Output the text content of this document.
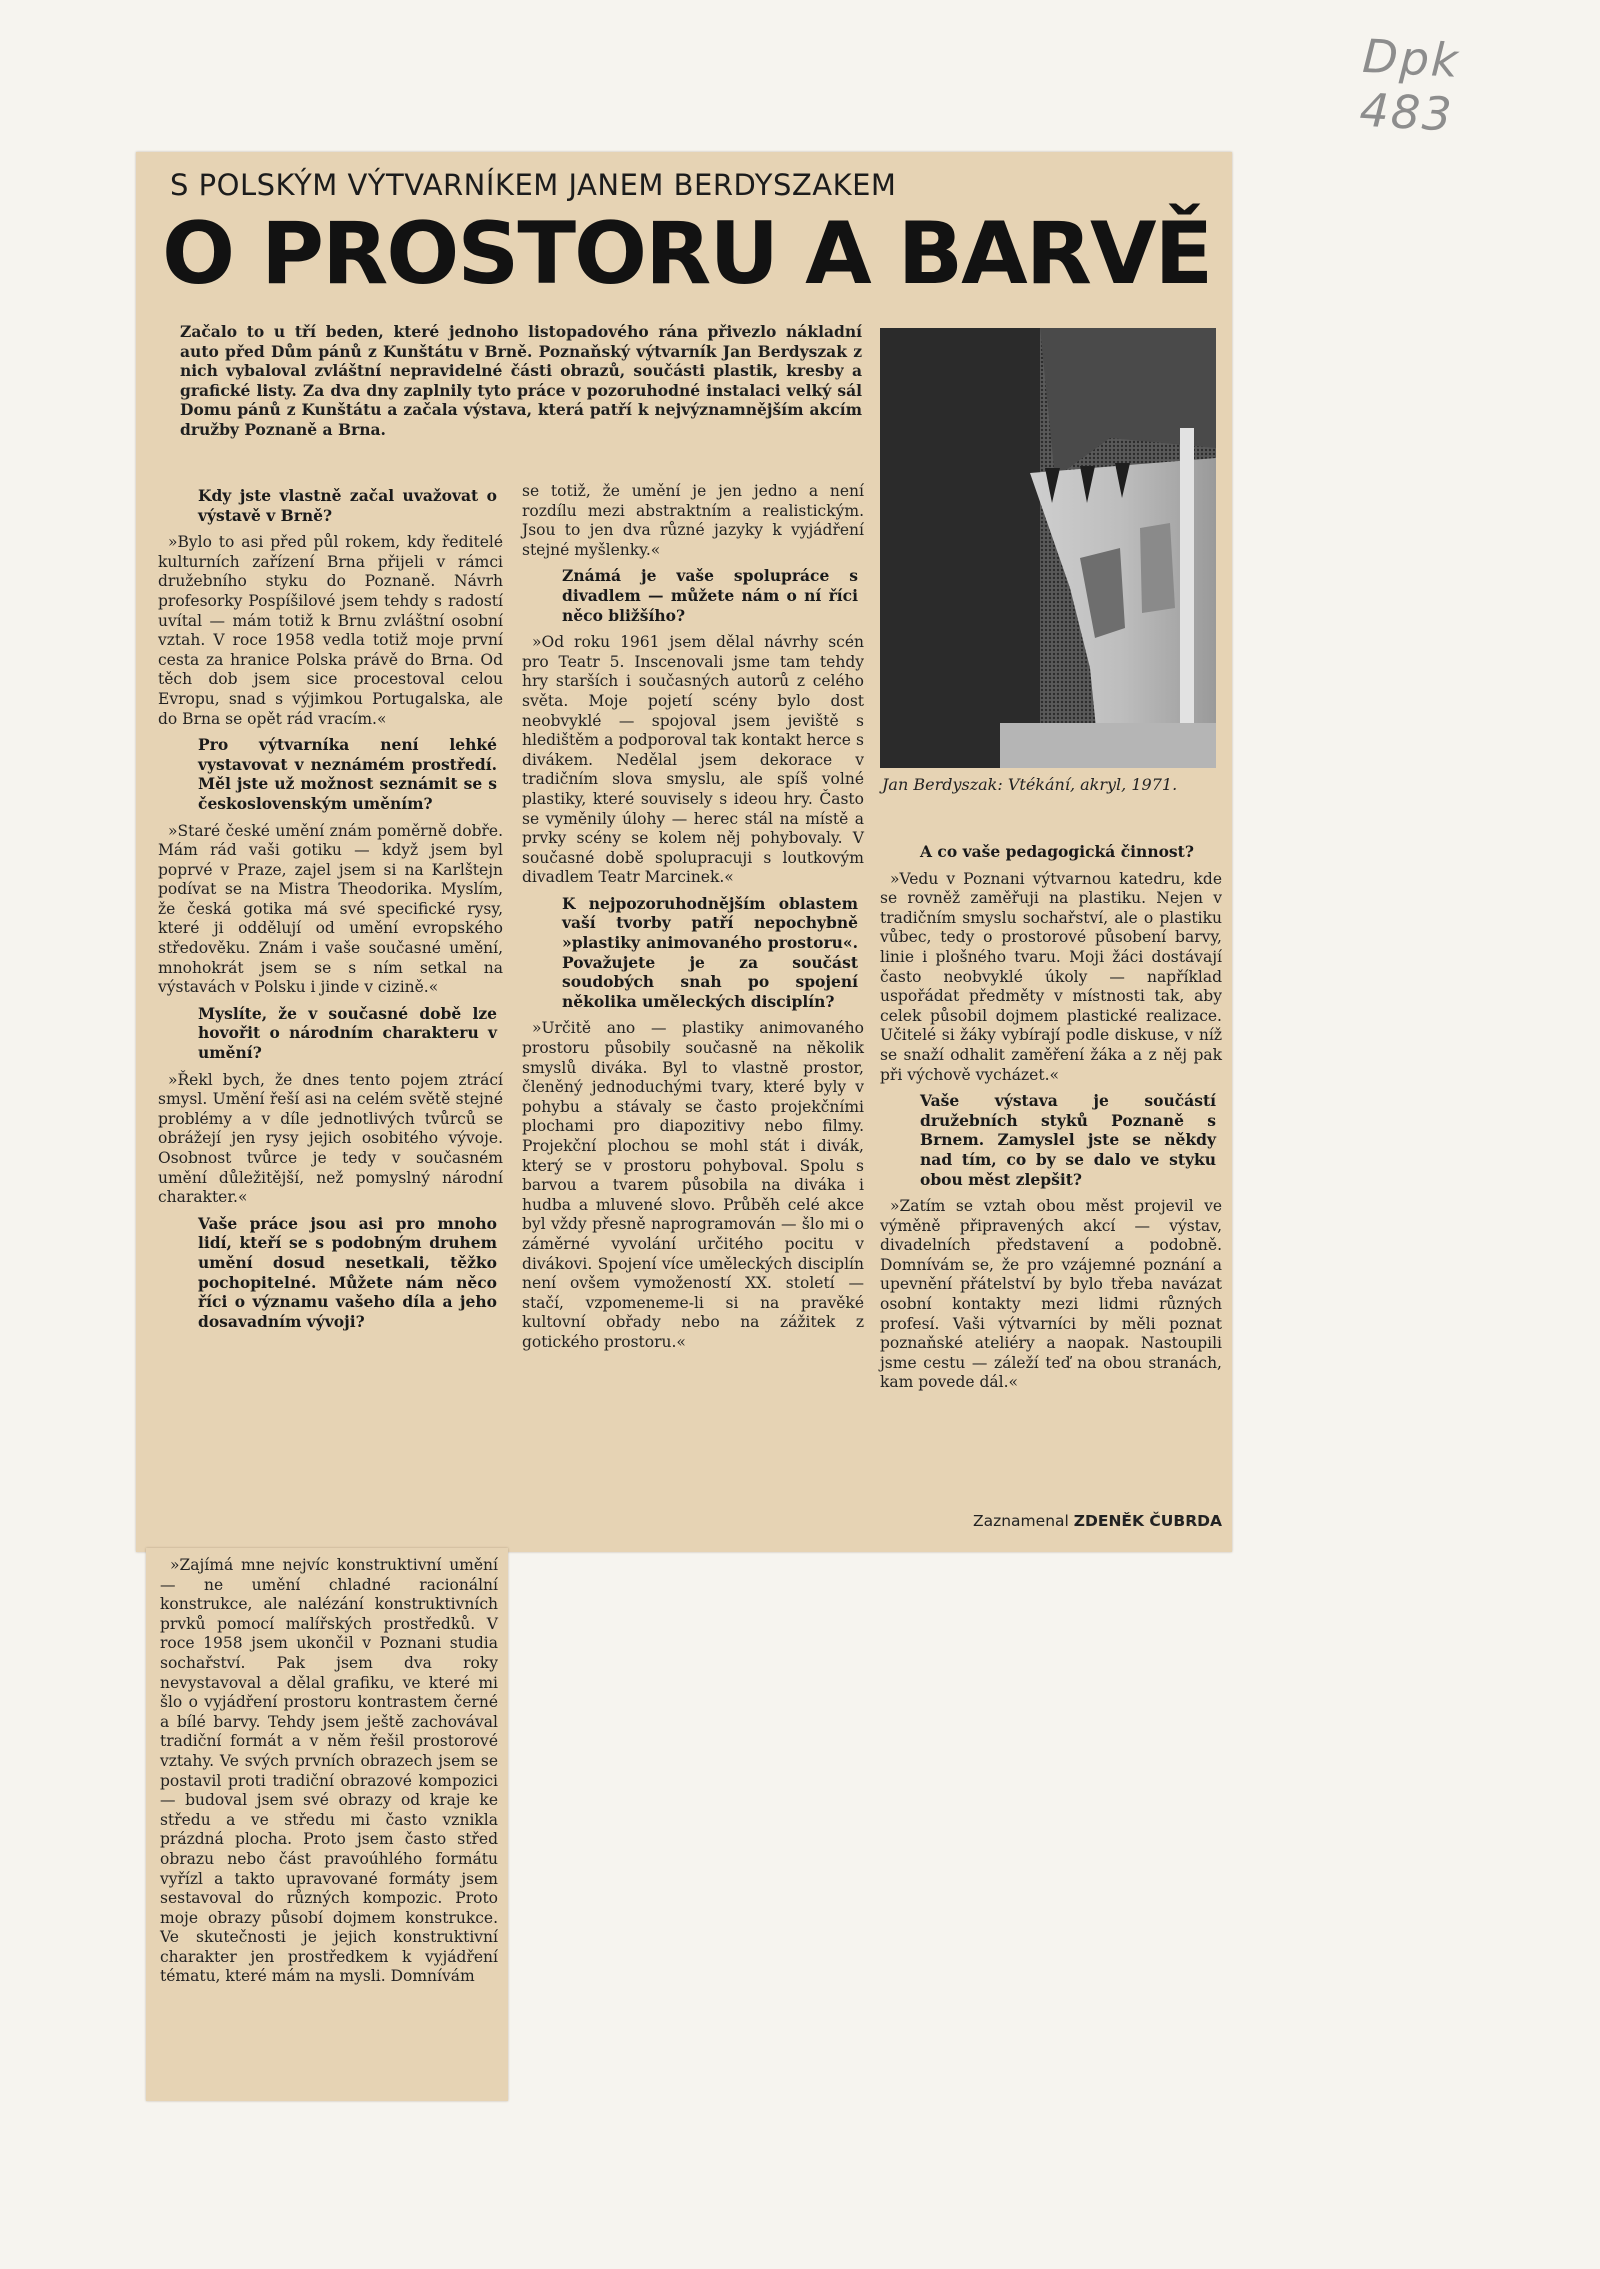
Dpk 483
S POLSKÝM VÝTVARNÍKEM JANEM BERDYSZAKEM
O PROSTORU A BARVĚ
Začalo to u tří beden, které jednoho listopadového rána přivezlo nákladní auto před Dům pánů z Kunštátu v Brně. Poznaňský výtvarník Jan Berdyszak z nich vybaloval zvláštní nepravidelné části obrazů, součásti plastik, kresby a grafické listy. Za dva dny zaplnily tyto práce v pozoruhodné instalaci velký sál Domu pánů z Kunštátu a začala výstava, která patří k nejvýznamnějším akcím družby Poznaně a Brna.
Jan Berdyszak: Vtékání, akryl, 1971.

Kdy jste vlastně začal uvažovat o výstavě v Brně?

»Bylo to asi před půl rokem, kdy ředitelé kulturních zařízení Brna přijeli v rámci družebního styku do Poznaně. Návrh profesorky Pospíšilové jsem tehdy s radostí uvítal — mám totiž k Brnu zvláštní osobní vztah. V roce 1958 vedla totiž moje první cesta za hranice Polska právě do Brna. Od těch dob jsem sice procestoval celou Evropu, snad s výjimkou Portugalska, ale do Brna se opět rád vracím.«

Pro výtvarníka není lehké vystavovat v neznámém prostředí. Měl jste už možnost seznámit se s československým uměním?

»Staré české umění znám poměrně dobře. Mám rád vaši gotiku — když jsem byl poprvé v Praze, zajel jsem si na Karlštejn podívat se na Mistra Theodorika. Myslím, že česká gotika má své specifické rysy, které ji oddělují od umění evropského středověku. Znám i vaše současné umění, mnohokrát jsem se s ním setkal na výstavách v Polsku i jinde v cizině.«

Myslíte, že v současné době lze hovořit o národním charakteru v umění?

»Řekl bych, že dnes tento pojem ztrácí smysl. Umění řeší asi na celém světě stejné problémy a v díle jednotlivých tvůrců se obrážejí jen rysy jejich osobitého vývoje. Osobnost tvůrce je tedy v současném umění důležitější, než pomyslný národní charakter.«

Vaše práce jsou asi pro mnoho lidí, kteří se s podobným druhem umění dosud nesetkali, těžko pochopitelné. Můžete nám něco říci o významu vašeho díla a jeho dosavadním vývoji?

se totiž, že umění je jen jedno a není rozdílu mezi abstraktním a realistickým. Jsou to jen dva různé jazyky k vyjádření stejné myšlenky.«

Známá je vaše spolupráce s divadlem — můžete nám o ní říci něco bližšího?

»Od roku 1961 jsem dělal návrhy scén pro Teatr 5. Inscenovali jsme tam tehdy hry starších i současných autorů z celého světa. Moje pojetí scény bylo dost neobvyklé — spojoval jsem jeviště s hledištěm a podporoval tak kontakt herce s divákem. Nedělal jsem dekorace v tradičním slova smyslu, ale spíš volné plastiky, které souvisely s ideou hry. Často se vyměnily úlohy — herec stál na místě a prvky scény se kolem něj pohybovaly. V současné době spolupracuji s loutkovým divadlem Teatr Marcinek.«

K nejpozoruhodnějším oblastem vaší tvorby patří nepochybně »plastiky animovaného prostoru«. Považujete je za součást soudobých snah po spojení několika uměleckých disciplín?

»Určitě ano — plastiky animovaného prostoru působily současně na několik smyslů diváka. Byl to vlastně prostor, členěný jednoduchými tvary, které byly v pohybu a stávaly se často projekčními plochami pro diapozitivy nebo filmy. Projekční plochou se mohl stát i divák, který se v prostoru pohyboval. Spolu s barvou a tvarem působila na diváka i hudba a mluvené slovo. Průběh celé akce byl vždy přesně naprogramován — šlo mi o záměrné vyvolání určitého pocitu v divákovi. Spojení více uměleckých disciplín není ovšem vymožeností XX. století — stačí, vzpomeneme-li si na pravěké kultovní obřady nebo na zážitek z gotického prostoru.«

A co vaše pedagogická činnost?

»Vedu v Poznani výtvarnou katedru, kde se rovněž zaměřuji na plastiku. Nejen v tradičním smyslu sochařství, ale o plastiku vůbec, tedy o prostorové působení barvy, linie i plošného tvaru. Moji žáci dostávají často neobvyklé úkoly — například uspořádat předměty v místnosti tak, aby celek působil dojmem plastické realizace. Učitelé si žáky vybírají podle diskuse, v níž se snaží odhalit zaměření žáka a z něj pak při výchově vycházet.«

Vaše výstava je součástí družebních styků Poznaně s Brnem. Zamyslel jste se někdy nad tím, co by se dalo ve styku obou měst zlepšit?

»Zatím se vztah obou měst projevil ve výměně připravených akcí — výstav, divadelních představení a podobně. Domnívám se, že pro vzájemné poznání a upevnění přátelství by bylo třeba navázat osobní kontakty mezi lidmi různých profesí. Vaši výtvarníci by měli poznat poznaňské ateliéry a naopak. Nastoupili jsme cestu — záleží teď na obou stranách, kam povede dál.«

Zaznamenal ZDENĚK ČUBRDA

»Zajímá mne nejvíc konstruktivní umění — ne umění chladné racionální konstrukce, ale nalézání konstruktivních prvků pomocí malířských prostředků. V roce 1958 jsem ukončil v Poznani studia sochařství. Pak jsem dva roky nevystavoval a dělal grafiku, ve které mi šlo o vyjádření prostoru kontrastem černé a bílé barvy. Tehdy jsem ještě zachovával tradiční formát a v něm řešil prostorové vztahy. Ve svých prvních obrazech jsem se postavil proti tradiční obrazové kompozici — budoval jsem své obrazy od kraje ke středu a ve středu mi často vznikla prázdná plocha. Proto jsem často střed obrazu nebo část pravoúhlého formátu vyřízl a takto upravované formáty jsem sestavoval do různých kompozic. Proto moje obrazy působí dojmem konstrukce. Ve skutečnosti je jejich konstruktivní charakter jen prostředkem k vyjádření tématu, které mám na mysli. Domnívám
